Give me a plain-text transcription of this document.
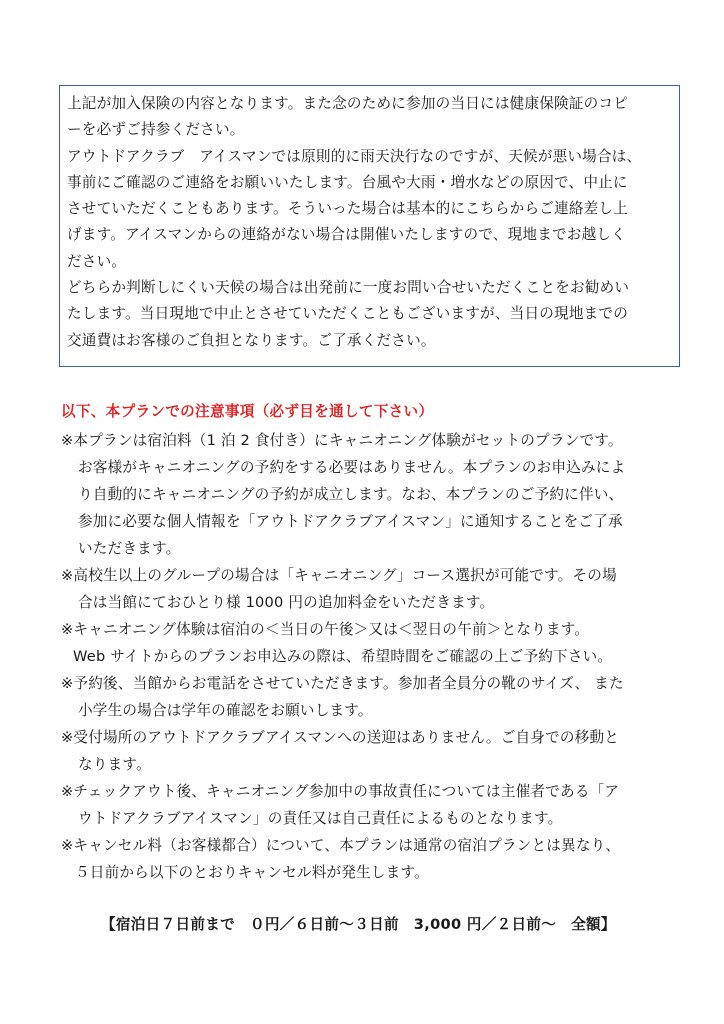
上記が加入保険の内容となります。また念のために参加の当日には健康保険証のコピ
ーを必ずご持参ください。
アウトドアクラブ　アイスマンでは原則的に雨天決行なのですが、天候が悪い場合は、
事前にご確認のご連絡をお願いいたします。台風や大雨・増水などの原因で、中止に
させていただくこともあります。そういった場合は基本的にこちらからご連絡差し上
げます。アイスマンからの連絡がない場合は開催いたしますので、現地までお越しく
ださい。
どちらか判断しにくい天候の場合は出発前に一度お問い合せいただくことをお勧めい
たします。当日現地で中止とさせていただくこともございますが、当日の現地までの
交通費はお客様のご負担となります。ご了承ください。
以下、本プランでの注意事項（必ず目を通して下さい）
※本プランは宿泊料（1 泊 2 食付き）にキャニオニング体験がセットのプランです。
お客様がキャニオニングの予約をする必要はありません。本プランのお申込みによ
り自動的にキャニオニングの予約が成立します。なお、本プランのご予約に伴い、
参加に必要な個人情報を「アウトドアクラブアイスマン」に通知することをご了承
いただきます。
※高校生以上のグループの場合は「キャニオニング」コース選択が可能です。その場
合は当館にておひとり様 1000 円の追加料金をいただきます。
※キャニオニング体験は宿泊の＜当日の午後＞又は＜翌日の午前＞となります。
Web サイトからのプランお申込みの際は、希望時間をご確認の上ご予約下さい。
※予約後、当館からお電話をさせていただきます。参加者全員分の靴のサイズ、 また
小学生の場合は学年の確認をお願いします。
※受付場所のアウトドアクラブアイスマンへの送迎はありません。ご自身での移動と
なります。
※チェックアウト後、キャニオニング参加中の事故責任については主催者である「ア
ウトドアクラブアイスマン」の責任又は自己責任によるものとなります。
※キャンセル料（お客様都合）について、本プランは通常の宿泊プランとは異なり、
５日前から以下のとおりキャンセル料が発生します。
【宿泊日７日前まで　０円／６日前～３日前　3,000 円／２日前～　全額】
